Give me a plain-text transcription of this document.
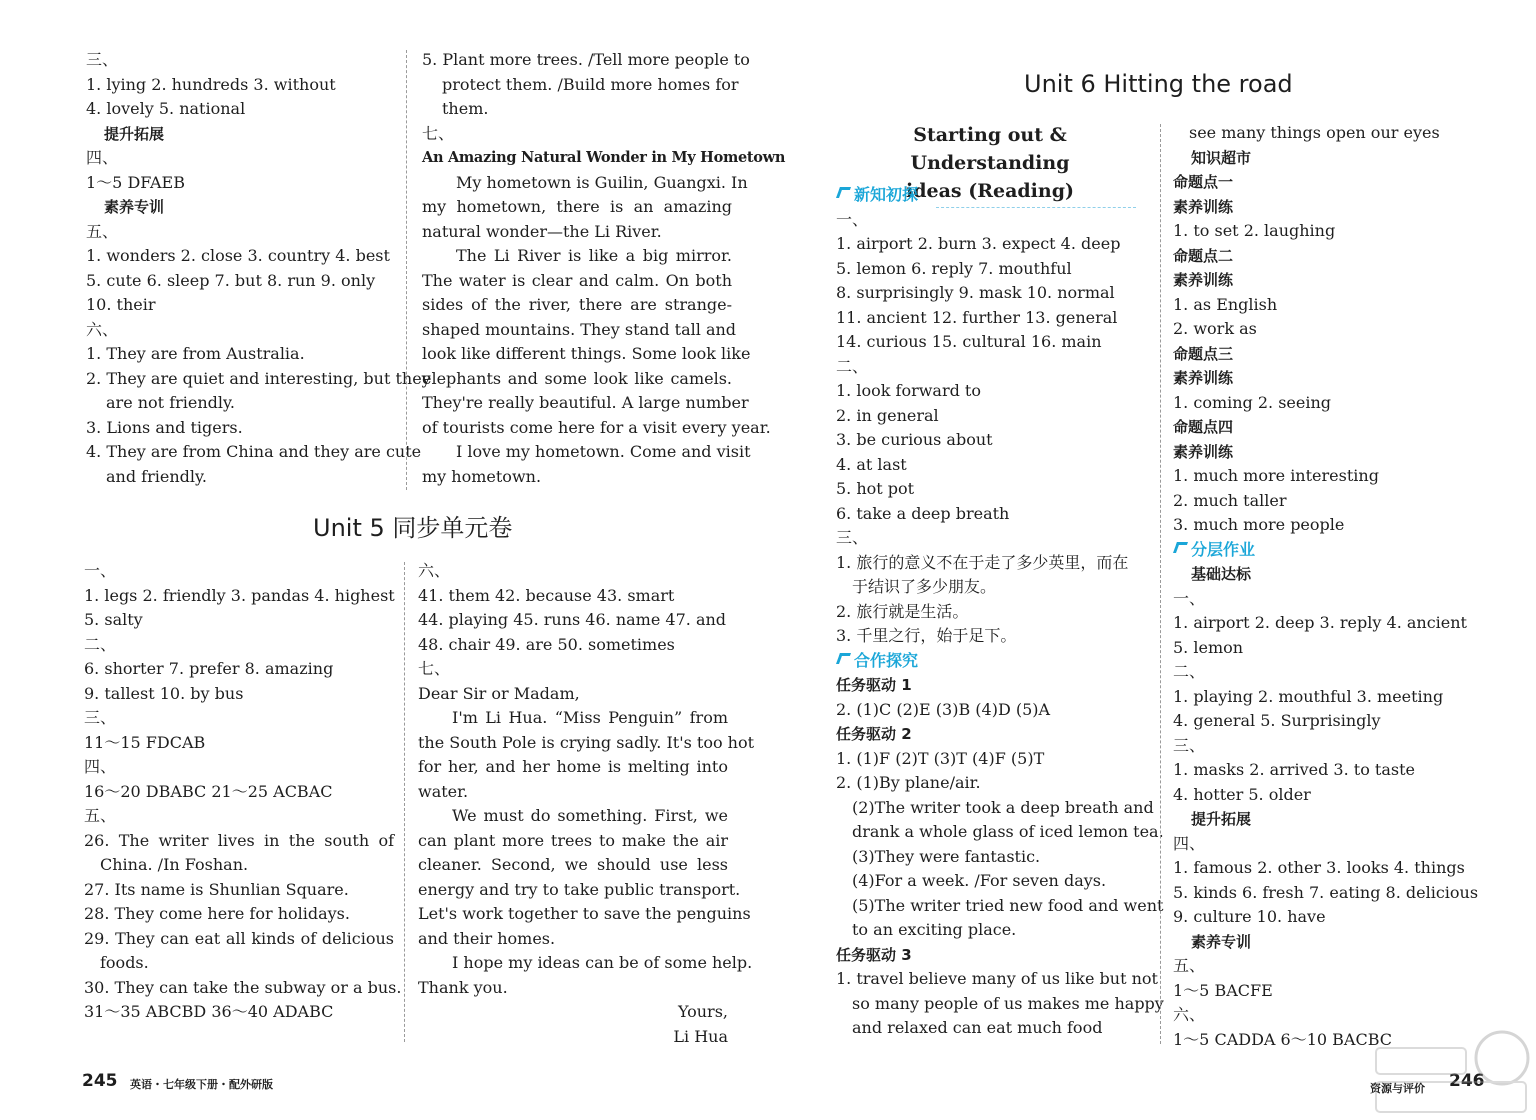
三、
1. lying 2. hundreds 3. without
4. lovely 5. national
提升拓展
四、
1～5 DFAEB
素养专训
五、
1. wonders 2. close 3. country 4. best
5. cute 6. sleep 7. but 8. run 9. only
10. their
六、
1. They are from Australia.
2. They are quiet and interesting, but they
are not friendly.
3. Lions and tigers.
4. They are from China and they are cute
and friendly.
5. Plant more trees. /Tell more people to
protect them. /Build more homes for
them.
七、
An Amazing Natural Wonder in My Hometown
My hometown is Guilin, Guangxi. In
my hometown, there is an amazing
natural wonder—the Li River.
The Li River is like a big mirror.
The water is clear and calm. On both
sides of the river, there are strange-
shaped mountains. They stand tall and
look like different things. Some look like
elephants and some look like camels.
They're really beautiful. A large number
of tourists come here for a visit every year.
I love my hometown. Come and visit
my hometown.
Unit 5 同步单元卷
一、
1. legs 2. friendly 3. pandas 4. highest
5. salty
二、
6. shorter 7. prefer 8. amazing
9. tallest 10. by bus
三、
11～15 FDCAB
四、
16～20 DBABC 21～25 ACBAC
五、
26. The writer lives in the south of
China. /In Foshan.
27. Its name is Shunlian Square.
28. They come here for holidays.
29. They can eat all kinds of delicious
foods.
30. They can take the subway or a bus.
31～35 ABCBD 36～40 ADABC
六、
41. them 42. because 43. smart
44. playing 45. runs 46. name 47. and
48. chair 49. are 50. sometimes
七、
Dear Sir or Madam,
I'm Li Hua. “Miss Penguin” from
the South Pole is crying sadly. It's too hot
for her, and her home is melting into
water.
We must do something. First, we
can plant more trees to make the air
cleaner. Second, we should use less
energy and try to take public transport.
Let's work together to save the penguins
and their homes.
I hope my ideas can be of some help.
Thank you.
Yours,
Li Hua
245 英语・七年级下册・配外研版
Unit 6 Hitting the road
Starting out & Understanding
ideas (Reading)
新知初探
一、
1. airport 2. burn 3. expect 4. deep
5. lemon 6. reply 7. mouthful
8. surprisingly 9. mask 10. normal
11. ancient 12. further 13. general
14. curious 15. cultural 16. main
二、
1. look forward to
2. in general
3. be curious about
4. at last
5. hot pot
6. take a deep breath
三、
1. 旅行的意义不在于走了多少英里，而在
于结识了多少朋友。
2. 旅行就是生活。
3. 千里之行，始于足下。
合作探究
任务驱动 1
2. (1)C (2)E (3)B (4)D (5)A
任务驱动 2
1. (1)F (2)T (3)T (4)F (5)T
2. (1)By plane/air.
(2)The writer took a deep breath and
drank a whole glass of iced lemon tea.
(3)They were fantastic.
(4)For a week. /For seven days.
(5)The writer tried new food and went
to an exciting place.
任务驱动 3
1. travel believe many of us like but not
so many people of us makes me happy
and relaxed can eat much food
see many things open our eyes
知识超市
命题点一
素养训练
1. to set 2. laughing
命题点二
素养训练
1. as English
2. work as
命题点三
素养训练
1. coming 2. seeing
命题点四
素养训练
1. much more interesting
2. much taller
3. much more people
分层作业
基础达标
一、
1. airport 2. deep 3. reply 4. ancient
5. lemon
二、
1. playing 2. mouthful 3. meeting
4. general 5. Surprisingly
三、
1. masks 2. arrived 3. to taste
4. hotter 5. older
提升拓展
四、
1. famous 2. other 3. looks 4. things
5. kinds 6. fresh 7. eating 8. delicious
9. culture 10. have
素养专训
五、
1～5 BACFE
六、
1～5 CADDA 6～10 BACBC
资源与评价 246
